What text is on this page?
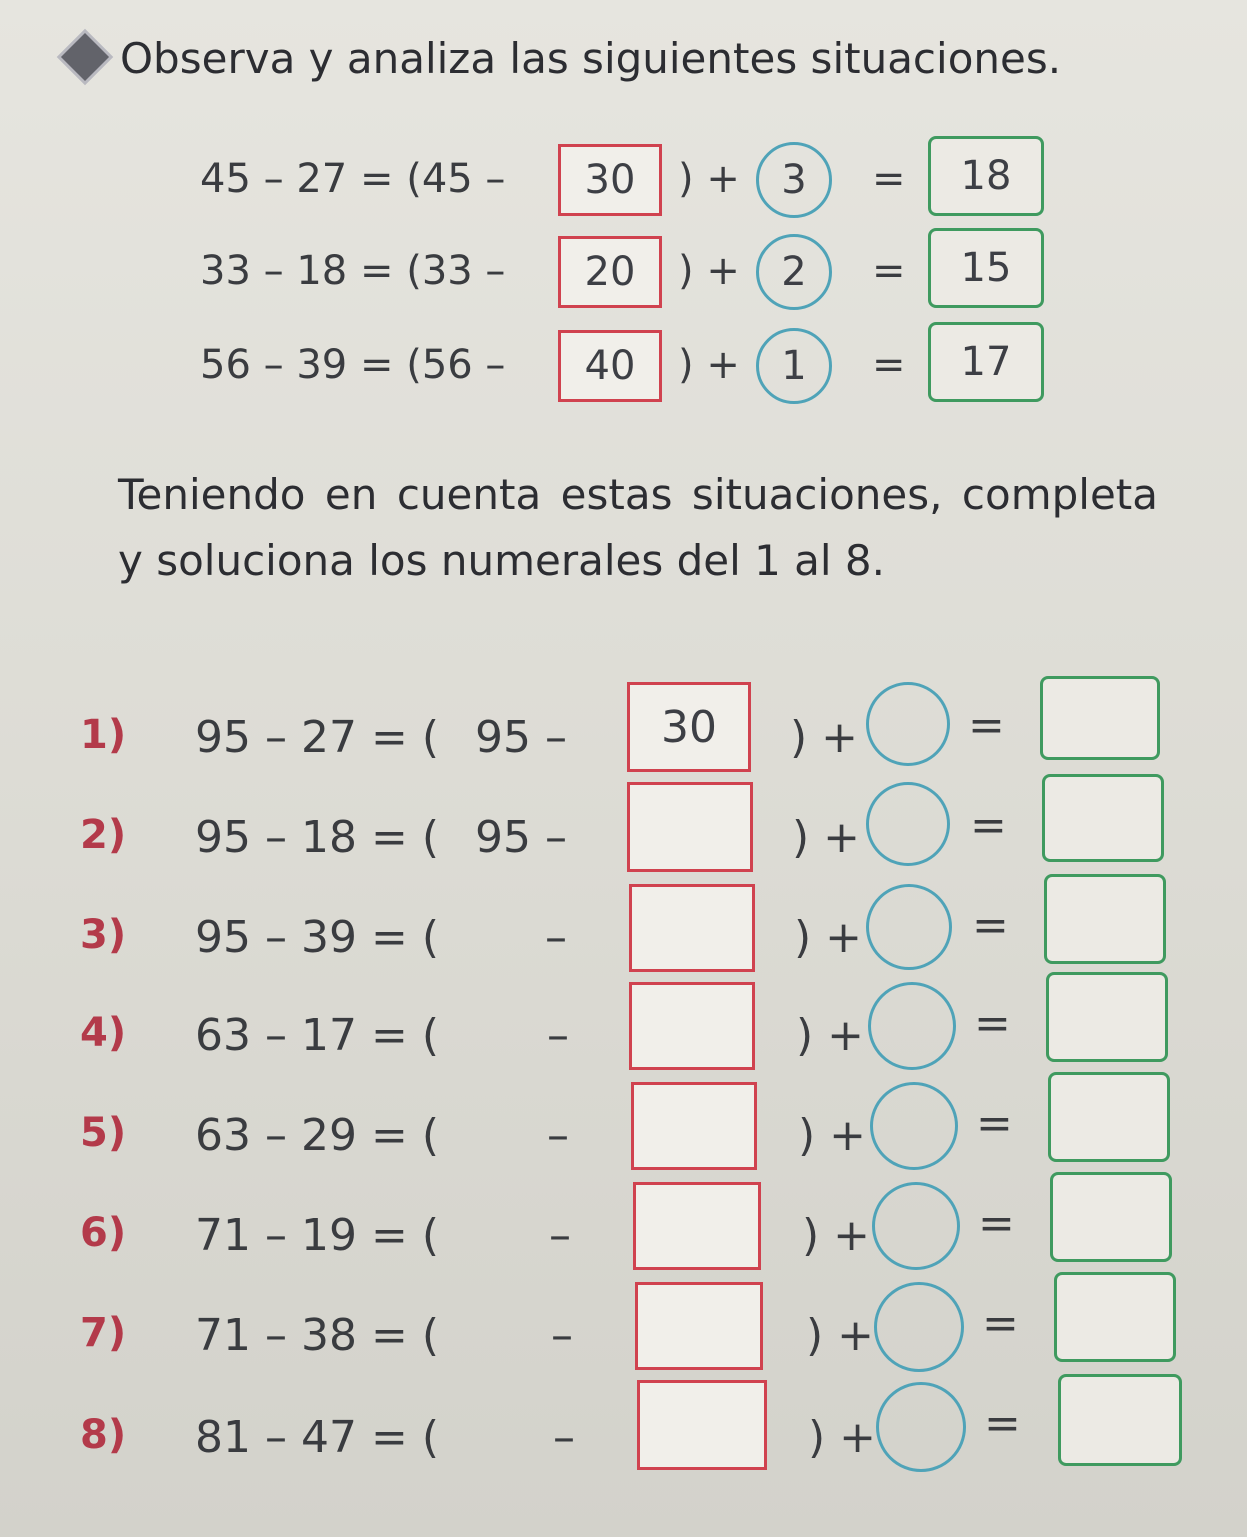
Observa y analiza las siguientes situaciones.
45 – 27 = (45 –	30	) +	3	=	18
33 – 18 = (33 –	20	) +	2	=	15
56 – 39 = (56 –	40	) +	1	=	17

Teniendo en cuenta estas situaciones, completa y soluciona los numerales del 1 al 8.

1) 95 – 27 = ( 95 –	30	) + =
2) 95 – 18 = ( 95 –	) + =
3) 95 – 39 = ( –	) + =
4) 63 – 17 = ( –	) + =
5) 63 – 29 = ( –	) + =
6) 71 – 19 = (	–	) + =
7) 71 – 38 = (	–	) + =
8) 81 – 47 = (	–	) + =
